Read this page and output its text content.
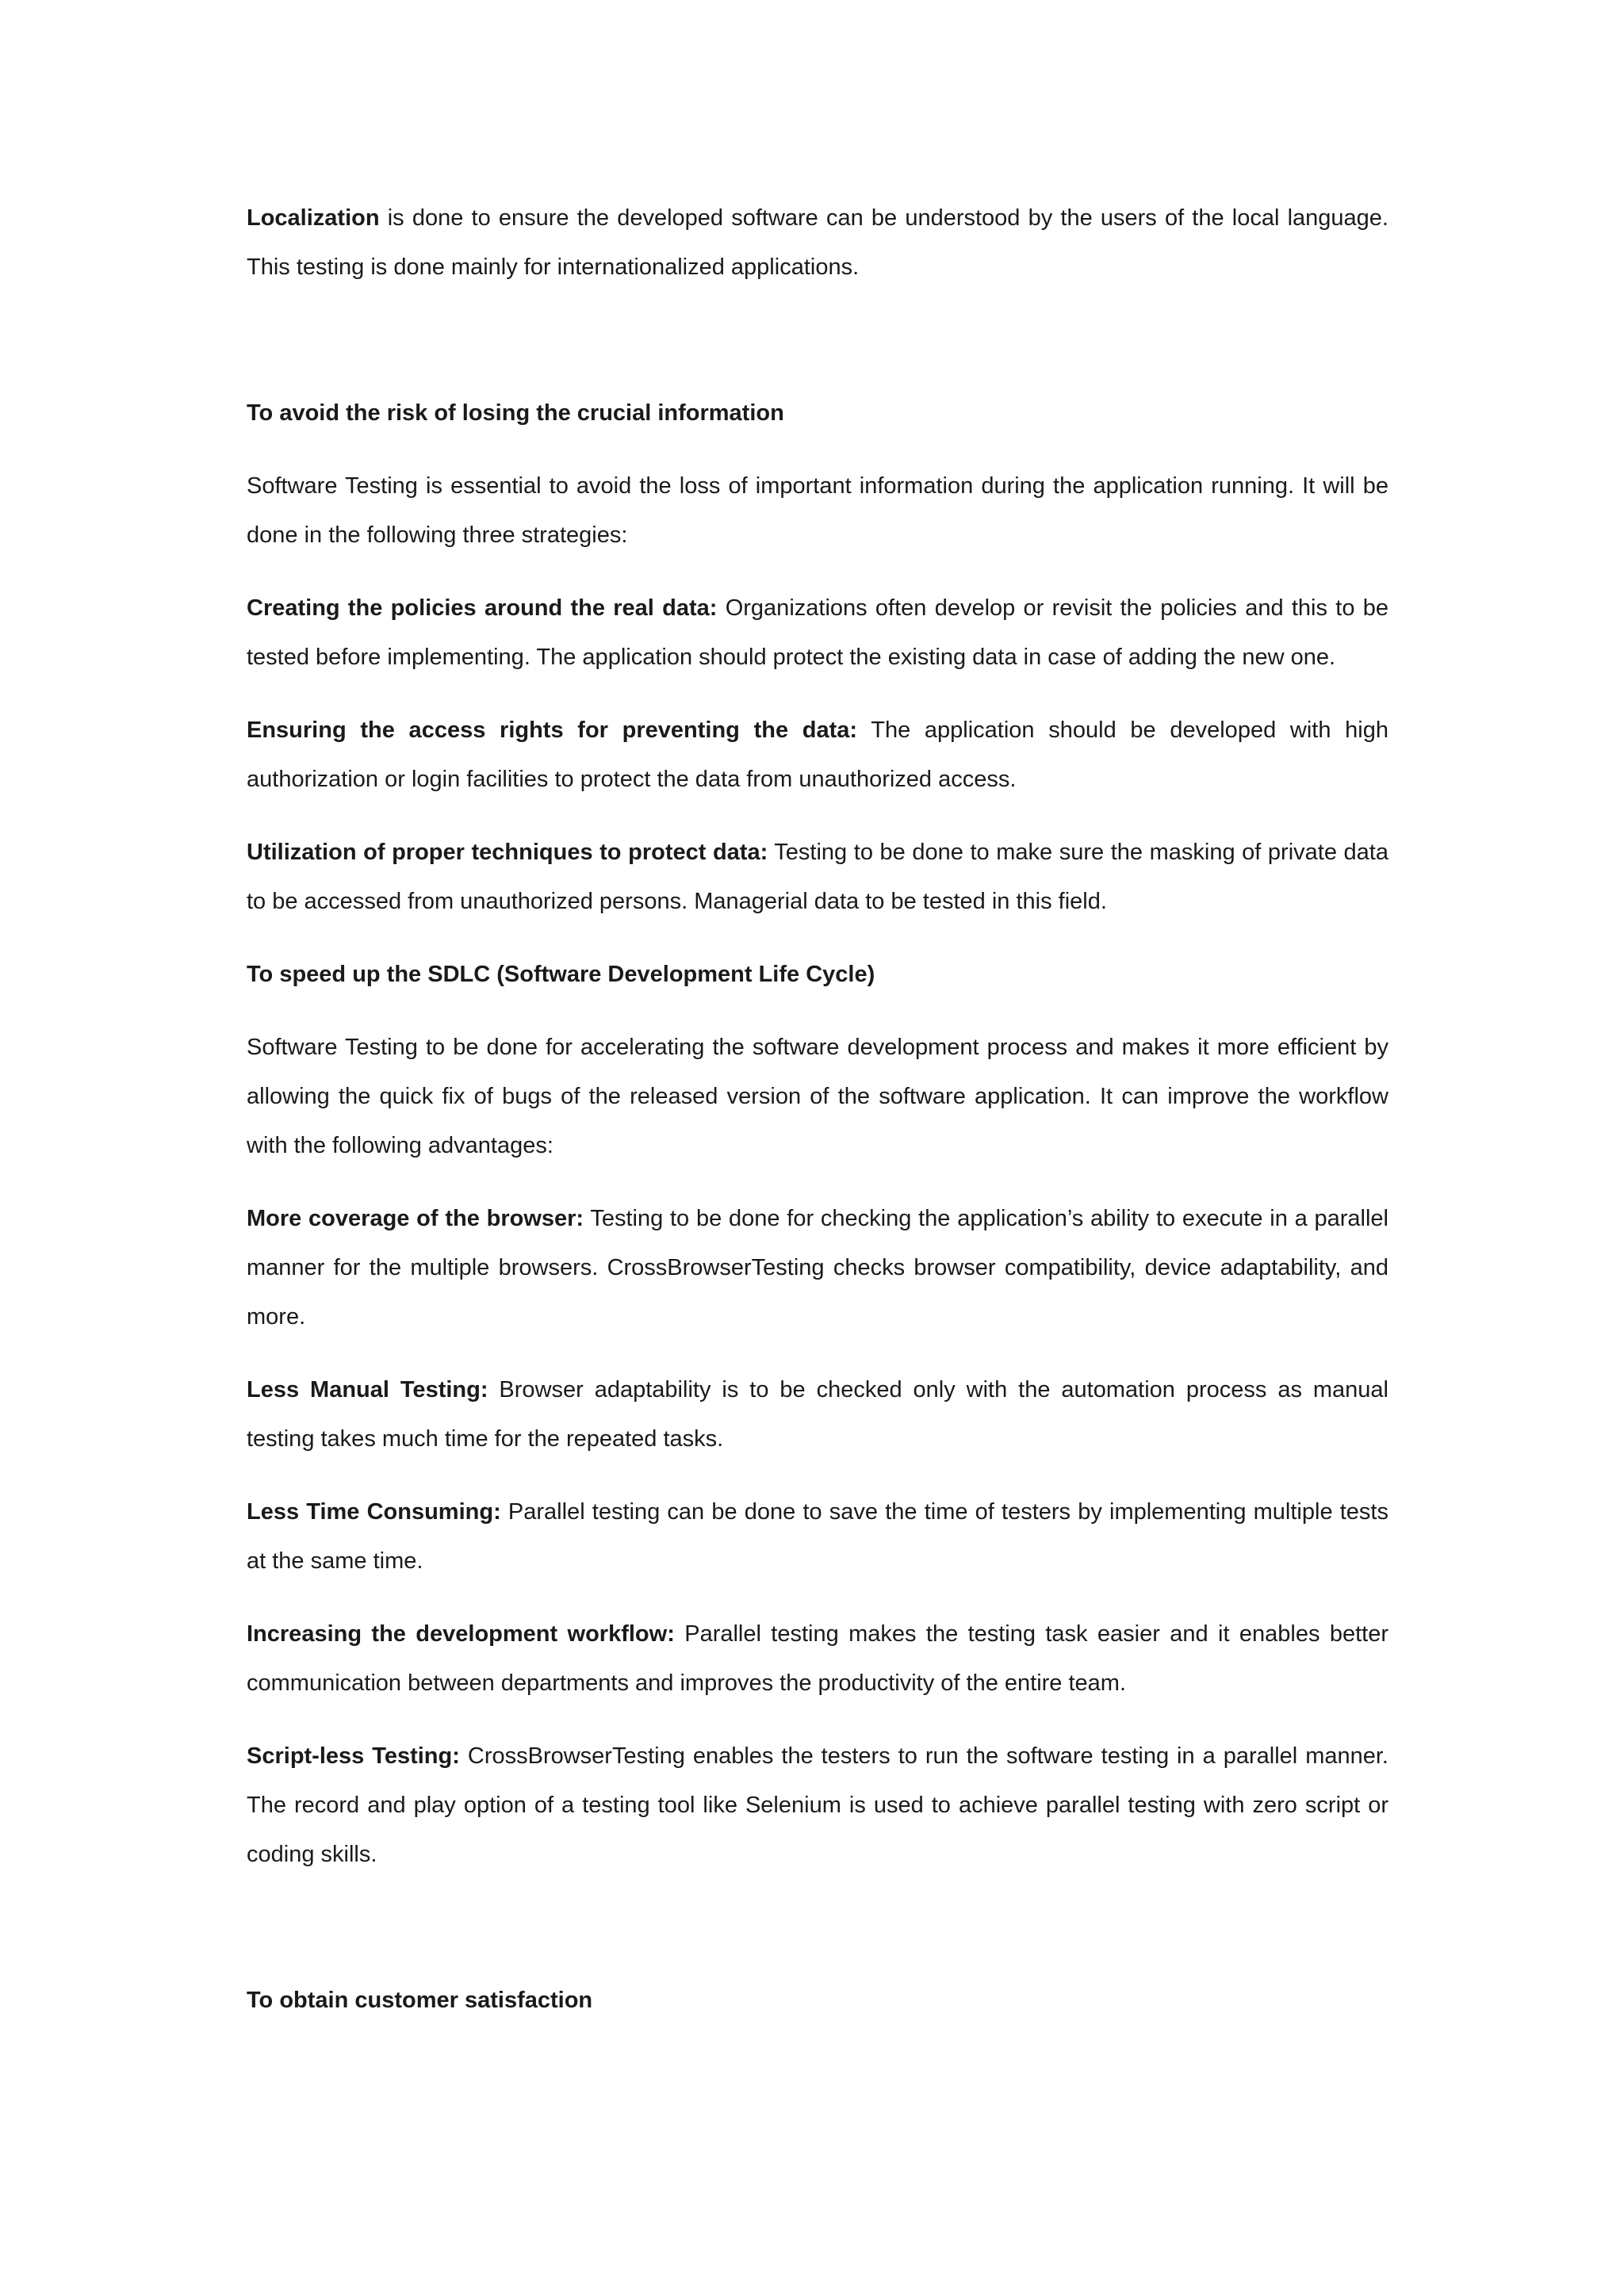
Localization is done to ensure the developed software can be understood by the users of the local language. This testing is done mainly for internationalized applications.

To avoid the risk of losing the crucial information

Software Testing is essential to avoid the loss of important information during the application running. It will be done in the following three strategies:

Creating the policies around the real data: Organizations often develop or revisit the policies and this to be tested before implementing. The application should protect the existing data in case of adding the new one.

Ensuring the access rights for preventing the data: The application should be developed with high authorization or login facilities to protect the data from unauthorized access.

Utilization of proper techniques to protect data: Testing to be done to make sure the masking of private data to be accessed from unauthorized persons. Managerial data to be tested in this field.

To speed up the SDLC (Software Development Life Cycle)

Software Testing to be done for accelerating the software development process and makes it more efficient by allowing the quick fix of bugs of the released version of the software application. It can improve the workflow with the following advantages:

More coverage of the browser: Testing to be done for checking the application’s ability to execute in a parallel manner for the multiple browsers. CrossBrowserTesting checks browser compatibility, device adaptability, and more.

Less Manual Testing: Browser adaptability is to be checked only with the automation process as manual testing takes much time for the repeated tasks.

Less Time Consuming: Parallel testing can be done to save the time of testers by implementing multiple tests at the same time.

Increasing the development workflow: Parallel testing makes the testing task easier and it enables better communication between departments and improves the productivity of the entire team.

Script-less Testing: CrossBrowserTesting enables the testers to run the software testing in a parallel manner. The record and play option of a testing tool like Selenium is used to achieve parallel testing with zero script or coding skills.

To obtain customer satisfaction
